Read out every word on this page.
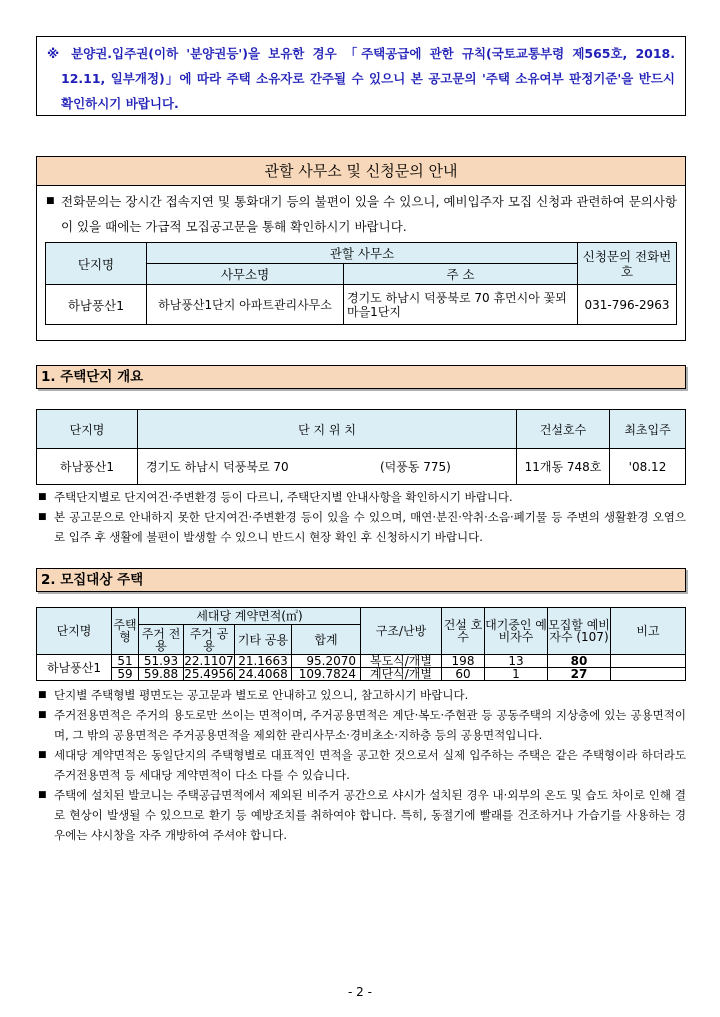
※ 분양권.입주권(이하 '분양권등')을 보유한 경우 「주택공급에 관한 규칙(국토교통부령 제565호, 2018. 12.11, 일부개정)」에 따라 주택 소유자로 간주될 수 있으니 본 공고문의 '주택 소유여부 판정기준'을 반드시 확인하시기 바랍니다.
관할 사무소 및 신청문의 안내
■ 전화문의는 장시간 접속지연 및 통화대기 등의 불편이 있을 수 있으니, 예비입주자 모집 신청과 관련하여 문의사항이 있을 때에는 가급적 모집공고문을 통해 확인하시기 바랍니다.
단지명	관할 사무소		신청문의 전화번호
	사무소명	주 소	
하남풍산1	하남풍산1단지 아파트관리사무소	경기도 하남시 덕풍북로 70 휴먼시아 꽃뫼마을1단지	031-796-2963
1. 주택단지 개요
단지명	단 지 위 치	건설호수	최초입주
하남풍산1	경기도 하남시 덕풍북로 70 (덕풍동 775)	11개동 748호	'08.12
■ 주택단지별로 단지여건·주변환경 등이 다르니, 주택단지별 안내사항을 확인하시기 바랍니다.
■ 본 공고문으로 안내하지 못한 단지여건·주변환경 등이 있을 수 있으며, 매연·분진·악취·소음·폐기물 등 주변의 생활환경 오염으로 입주 후 생활에 불편이 발생할 수 있으니 반드시 현장 확인 후 신청하시기 바랍니다.
2. 모집대상 주택
단지명	주택형	세대당 계약면적(㎡)				구조/난방	건설 호수	대기중인 예비자수	모집할 예비자수 (107)	비고
		주거 전용	주거 공용	기타 공용	합계					
하남풍산1	51	51.93	22.1107	21.1663	95.2070	복도식/개별	198	13	80	
	59	59.88	25.4956	24.4068	109.7824	계단식/개별	60	1	27	
■ 단지별 주택형별 평면도는 공고문과 별도로 안내하고 있으니, 참고하시기 바랍니다.
■ 주거전용면적은 주거의 용도로만 쓰이는 면적이며, 주거공용면적은 계단·복도·주현관 등 공동주택의 지상층에 있는 공용면적이며, 그 밖의 공용면적은 주거공용면적을 제외한 관리사무소·경비초소·지하층 등의 공용면적입니다.
■ 세대당 계약면적은 동일단지의 주택형별로 대표적인 면적을 공고한 것으로서 실제 입주하는 주택은 같은 주택형이라 하더라도 주거전용면적 등 세대당 계약면적이 다소 다를 수 있습니다.
■ 주택에 설치된 발코니는 주택공급면적에서 제외된 비주거 공간으로 샤시가 설치된 경우 내·외부의 온도 및 습도 차이로 인해 결로 현상이 발생될 수 있으므로 환기 등 예방조치를 취하여야 합니다. 특히, 동절기에 빨래를 건조하거나 가습기를 사용하는 경우에는 샤시창을 자주 개방하여 주셔야 합니다.
- 2 -
